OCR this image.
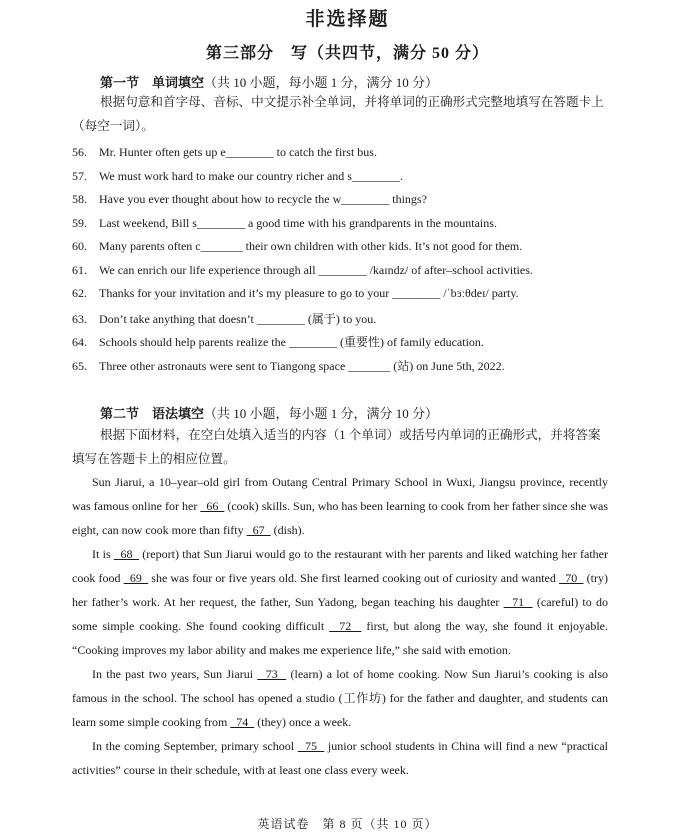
非选择题
第三部分　写（共四节，满分 50 分）
第一节　单词填空（共 10 小题，每小题 1 分，满分 10 分）
根据句意和首字母、音标、中文提示补全单词，并将单词的正确形式完整地填写在答题卡上（每空一词）。
56. Mr. Hunter often gets up e________ to catch the first bus.
57. We must work hard to make our country richer and s________.
58. Have you ever thought about how to recycle the w________ things?
59. Last weekend, Bill s________ a good time with his grandparents in the mountains.
60. Many parents often c_______ their own children with other kids. It’s not good for them.
61. We can enrich our life experience through all ________ /kaɪndz/ of after–school activities.
62. Thanks for your invitation and it’s my pleasure to go to your ________ /ˈbɜːθdeɪ/ party.
63. Don’t take anything that doesn’t ________ (属于) to you.
64. Schools should help parents realize the ________ (重要性) of family education.
65. Three other astronauts were sent to Tiangong space _______ (站) on June 5th, 2022.
第二节　语法填空（共 10 小题，每小题 1 分，满分 10 分）
根据下面材料，在空白处填入适当的内容（1 个单词）或括号内单词的正确形式，并将答案填写在答题卡上的相应位置。

Sun Jiarui, a 10–year–old girl from Outang Central Primary School in Wuxi, Jiangsu province, recently was famous online for her   66   (cook) skills. Sun, who has been learning to cook from her father since she was eight, can now cook more than fifty   67   (dish).

It is   68   (report) that Sun Jiarui would go to the restaurant with her parents and liked watching her father cook food   69   she was four or five years old. She first learned cooking out of curiosity and wanted   70   (try) her father’s work. At her request, the father, Sun Yadong, began teaching his daughter   71   (careful) to do some simple cooking. She found cooking difficult   72   first, but along the way, she found it enjoyable. “Cooking improves my labor ability and makes me experience life,” she said with emotion.

In the past two years, Sun Jiarui   73   (learn) a lot of home cooking. Now Sun Jiarui’s cooking is also famous in the school. The school has opened a studio (工作坊) for the father and daughter, and students can learn some simple cooking from   74   (they) once a week.

In the coming September, primary school   75   junior school students in China will find a new “practical activities” course in their schedule, with at least one class every week.

英语试卷　第 8 页（共 10 页）
